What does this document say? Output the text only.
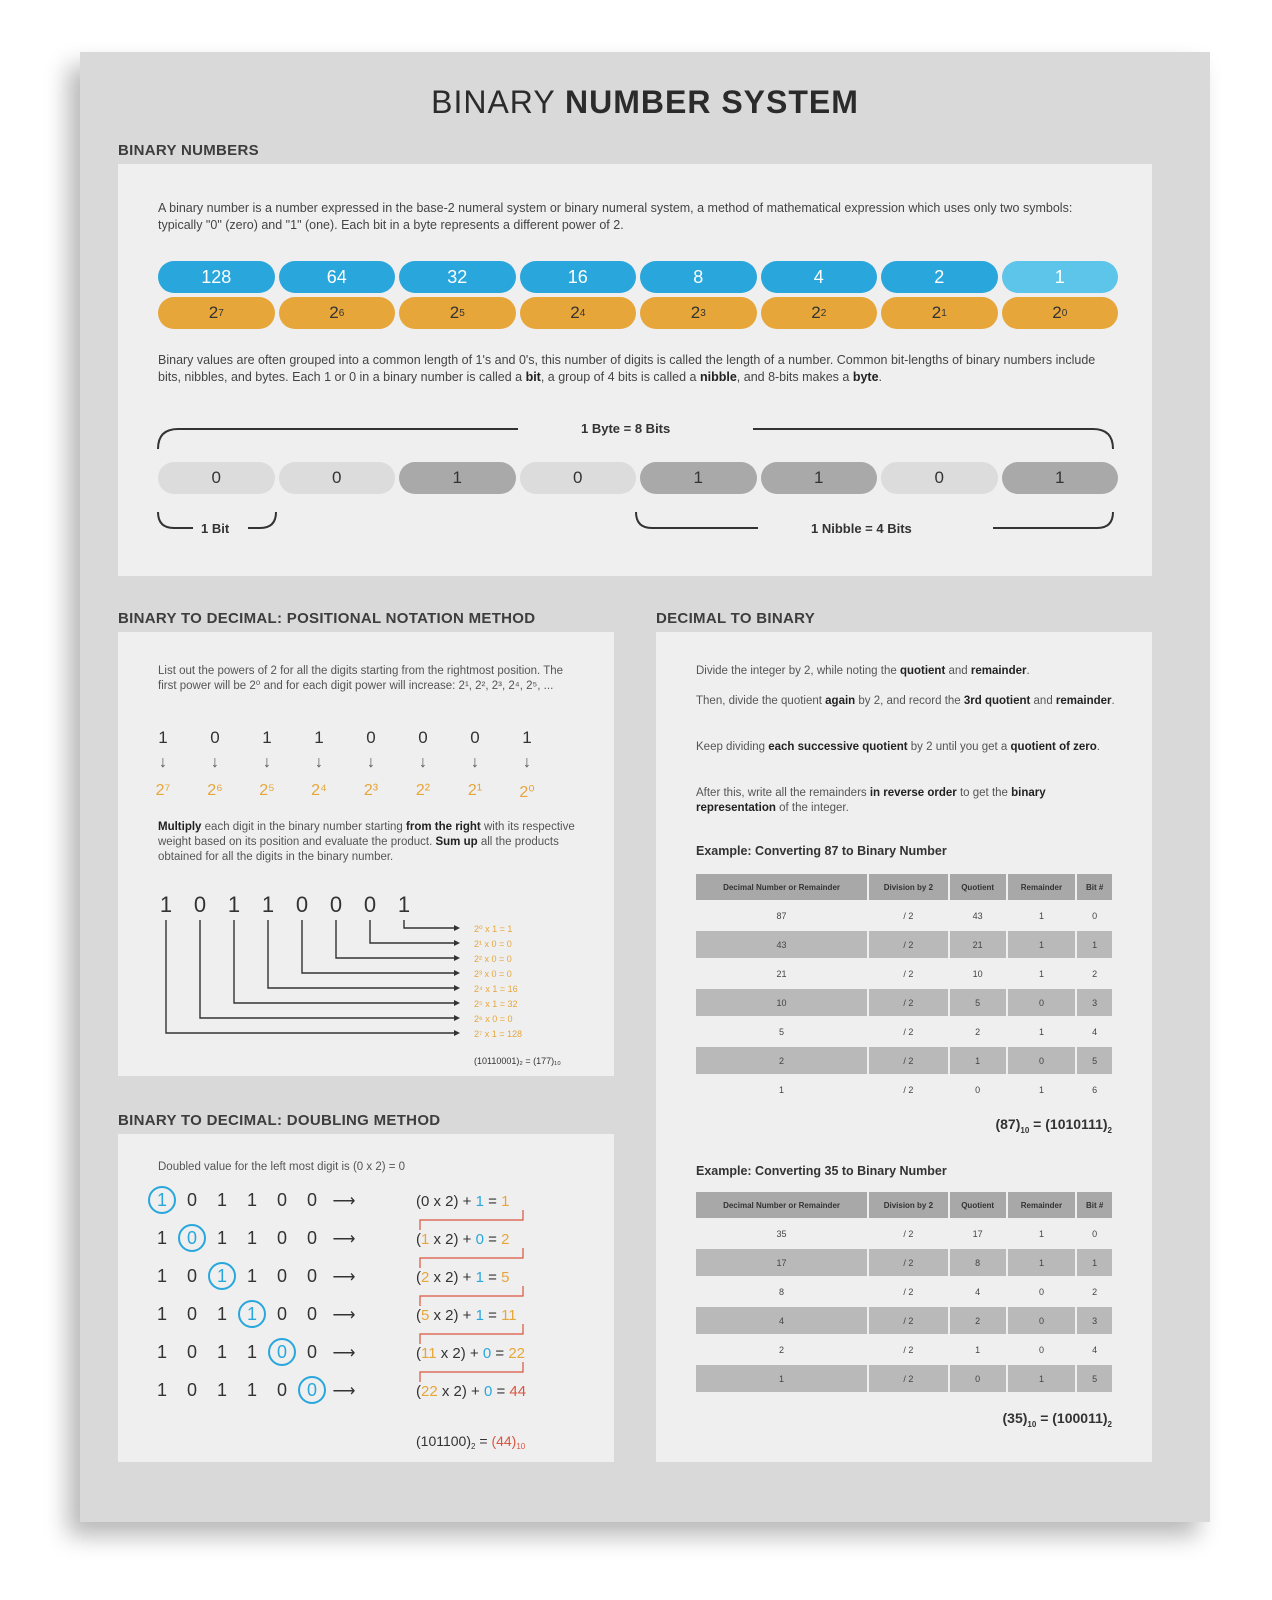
BINARY NUMBER SYSTEM
BINARY NUMBERS
A binary number is a number expressed in the base-2 numeral system or binary numeral system, a method of mathematical expression which uses only two symbols: typically "0" (zero) and "1" (one). Each bit in a byte represents a different power of 2.
128	64	32	16	8	4	2	1
2 7	2 6	2 5	2 4	2 3	2 2	2 1	2 0
Binary values are often grouped into a common length of 1's and 0's, this number of digits is called the length of a number. Common bit-lengths of binary numbers include bits, nibbles, and bytes. Each 1 or 0 in a binary number is called a bit, a group of 4 bits is called a nibble, and 8-bits makes a byte.
1 Byte = 8 Bits
1 Bit	1 Nibble = 4 Bits
0	0	1	0	1	1	0	1
BINARY TO DECIMAL: POSITIONAL NOTATION METHOD
List out the powers of 2 for all the digits starting from the rightmost position. The first power will be 2⁰ and for each digit power will increase: 2¹, 2², 2³, 2⁴, 2⁵, ...
1
↓
2⁷
0
↓
2⁶
1
↓
2⁵
1
↓
2⁴
0
↓
2³
0
↓
2²
0
↓
2¹
1
↓
2⁰
Multiply each digit in the binary number starting from the right with its respective weight based on its position and evaluate the product. Sum up all the products obtained for all the digits in the binary number.
1 0 1 1 0 0 0 1
2⁰ x 1 = 1
2¹ x 0 = 0
2² x 0 = 0
2³ x 0 = 0
2⁴ x 1 = 16
2⁵ x 1 = 32
2⁶ x 0 = 0
2⁷ x 1 = 128
(10110001)₂ = (177)₁₀
BINARY TO DECIMAL: DOUBLING METHOD
Doubled value for the left most digit is (0 x 2) = 0
1 0 1 1 0 0 ⟶	(0 x 2) + 1 = 1
1 0 1 1 0 0 ⟶	(1 x 2) + 0 = 2
1 0 1 1 0 0 ⟶	(2 x 2) + 1 = 5
1 0 1 1 0 0 ⟶	(5 x 2) + 1 = 11
1 0 1 1 0 0 ⟶	(11 x 2) + 0 = 22
1 0 1 1 0 0 ⟶	(22 x 2) + 0 = 44
$(101100)_2 = (44)_{10}$
DECIMAL TO BINARY
Divide the integer by 2, while noting the quotient and remainder.
Then, divide the quotient again by 2, and record the 3rd quotient and remainder.
Keep dividing each successive quotient by 2 until you get a quotient of zero.
After this, write all the remainders in reverse order to get the binary representation of the integer.
Example: Converting 87 to Binary Number
Decimal Number or Remainder	Division by 2	Quotient	Remainder	Bit #
87	/ 2	43	1	0
43	/ 2	21	1	1
21	/ 2	10	1	2
10	/ 2	5	0	3
5	/ 2	2	1	4
2	/ 2	1	0	5
1	/ 2	0	1	6
$(87)_{10} = (1010111)_2$
Example: Converting 35 to Binary Number
Decimal Number or Remainder	Division by 2	Quotient	Remainder	Bit #
35	/ 2	17	1	0
17	/ 2	8	1	1
8	/ 2	4	0	2
4	/ 2	2	0	3
2	/ 2	1	0	4
1	/ 2	0	1	5
$(35)_{10} = (100011)_2$
